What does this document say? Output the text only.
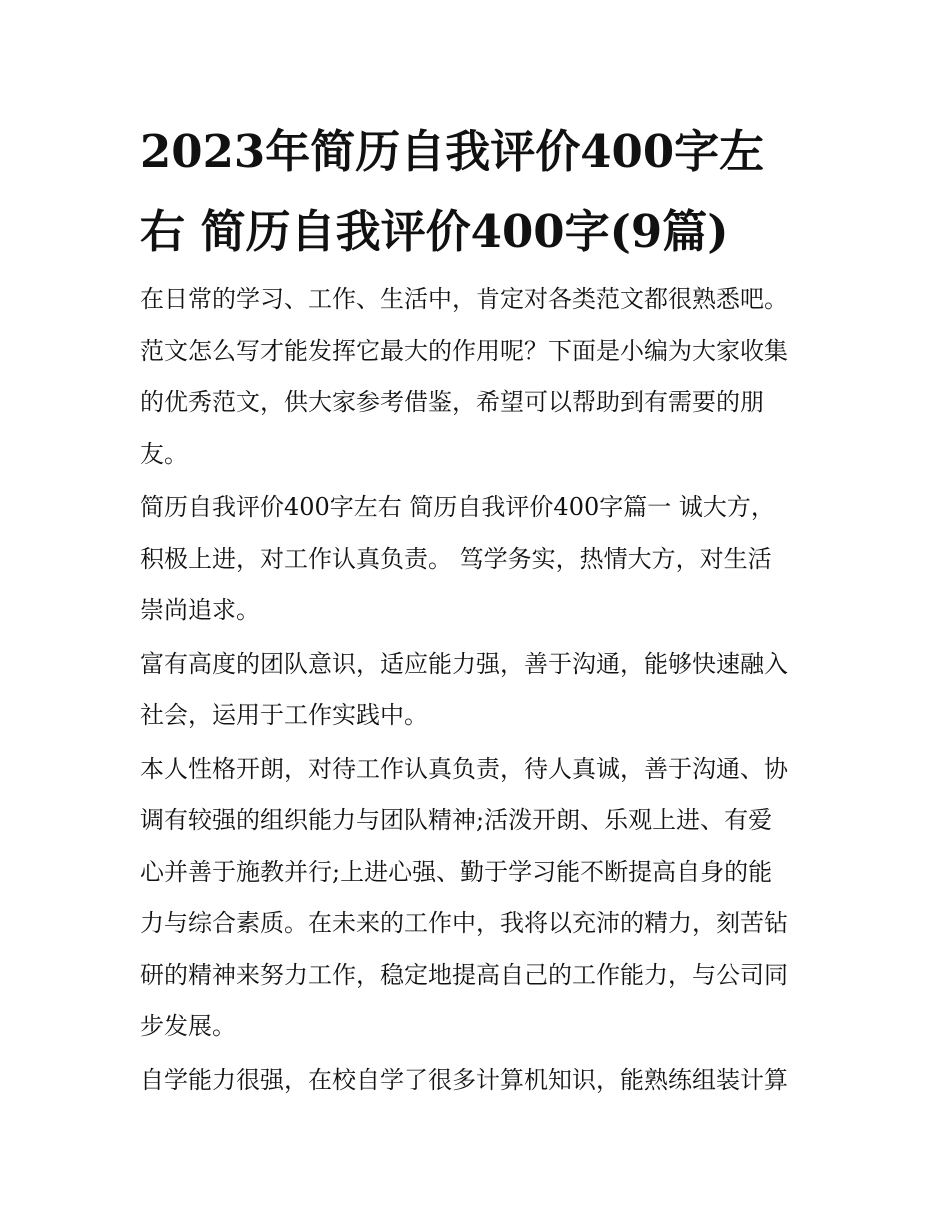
2023年简历自我评价400字左
右 简历自我评价400字(9篇)

在日常的学习、工作、生活中，肯定对各类范文都很熟悉吧。
范文怎么写才能发挥它最大的作用呢？下面是小编为大家收集
的优秀范文，供大家参考借鉴，希望可以帮助到有需要的朋
友。

简历自我评价400字左右 简历自我评价400字篇一 诚大方，
积极上进，对工作认真负责。 笃学务实，热情大方，对生活
崇尚追求。

富有高度的团队意识，适应能力强，善于沟通，能够快速融入
社会，运用于工作实践中。

本人性格开朗，对待工作认真负责，待人真诚，善于沟通、协
调有较强的组织能力与团队精神;活泼开朗、乐观上进、有爱
心并善于施教并行;上进心强、勤于学习能不断提高自身的能
力与综合素质。在未来的工作中，我将以充沛的精力，刻苦钻
研的精神来努力工作，稳定地提高自己的工作能力，与公司同
步发展。

自学能力很强，在校自学了很多计算机知识，能熟练组装计算
